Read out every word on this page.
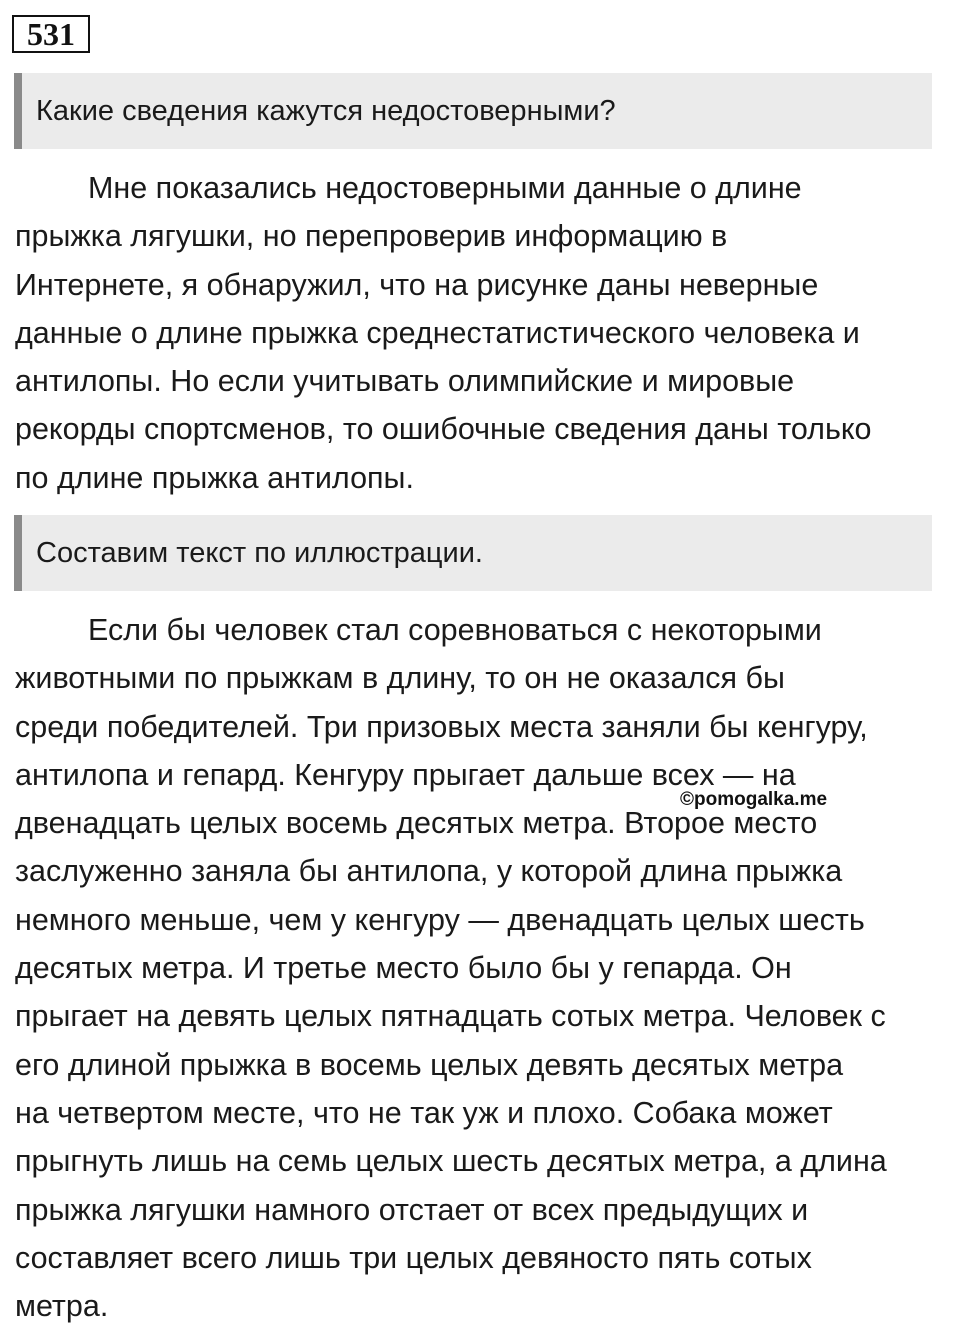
531
Какие сведения кажутся недостоверными?

Мне показались недостоверными данные о длине
прыжка лягушки, но перепроверив информацию в
Интернете, я обнаружил, что на рисунке даны неверные
данные о длине прыжка среднестатистического человека и
антилопы. Но если учитывать олимпийские и мировые
рекорды спортсменов, то ошибочные сведения даны только
по длине прыжка антилопы.

Составим текст по иллюстрации.

Если бы человек стал соревноваться с некоторыми
животными по прыжкам в длину, то он не оказался бы
среди победителей. Три призовых места заняли бы кенгуру,
антилопа и гепард. Кенгуру прыгает дальше всех — на
двенадцать целых восемь десятых метра. Второе место
заслуженно заняла бы антилопа, у которой длина прыжка
немного меньше, чем у кенгуру — двенадцать целых шесть
десятых метра. И третье место было бы у гепарда. Он
прыгает на девять целых пятнадцать сотых метра. Человек с
его длиной прыжка в восемь целых девять десятых метра
на четвертом месте, что не так уж и плохо. Собака может
прыгнуть лишь на семь целых шесть десятых метра, а длина
прыжка лягушки намного отстает от всех предыдущих и
составляет всего лишь три целых девяносто пять сотых
метра.

©pomogalka.me
